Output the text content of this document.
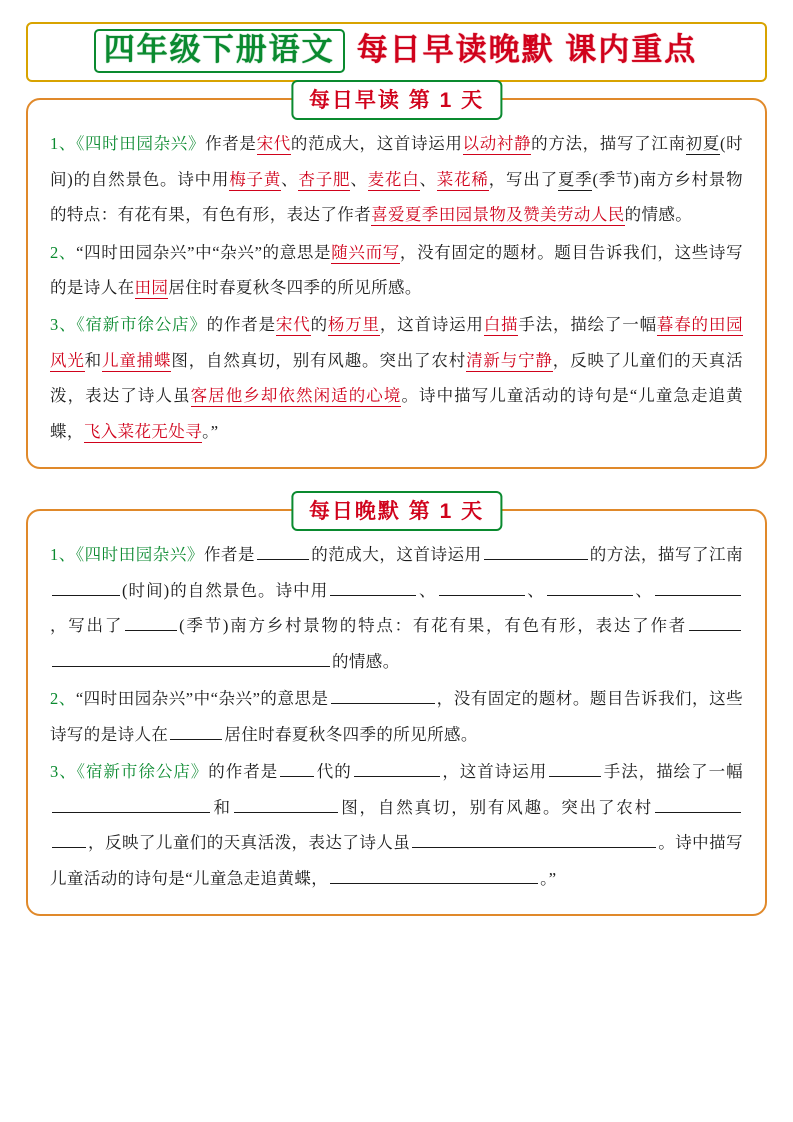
四年级下册语文 每日早读晚默 课内重点
每日早读 第 1 天

1、《四时田园杂兴》作者是宋代的范成大，这首诗运用以动衬静的方法，描写了江南初夏(时间)的自然景色。诗中用梅子黄、杏子肥、麦花白、菜花稀，写出了夏季(季节)南方乡村景物的特点：有花有果，有色有形，表达了作者喜爱夏季田园景物及赞美劳动人民的情感。

2、“四时田园杂兴”中“杂兴”的意思是随兴而写，没有固定的题材。题目告诉我们，这些诗写的是诗人在田园居住时春夏秋冬四季的所见所感。

3、《宿新市徐公店》的作者是宋代的杨万里，这首诗运用白描手法，描绘了一幅暮春的田园风光和儿童捕蝶图，自然真切，别有风趣。突出了农村清新与宁静，反映了儿童们的天真活泼，表达了诗人虽客居他乡却依然闲适的心境。诗中描写儿童活动的诗句是“儿童急走追黄蝶，飞入菜花无处寻。”

每日晚默 第 1 天

1、《四时田园杂兴》作者是	的范成大，这首诗运用	的方法，描写了江南(时间)的自然景色。诗中用	、	、	、，写出了	(季节)南方乡村景物的特点：有花有果，有色有形，表达了作者的情感。

2、“四时田园杂兴”中“杂兴”的意思是	，没有固定的题材。题目告诉我们，这些诗写的是诗人在	居住时春夏秋冬四季的所见所感。

3、《宿新市徐公店》的作者是 代的	，这首诗运用	手法，描绘了一幅和	图，自然真切，别有风趣。突出了农村，反映了儿童们的天真活泼，表达了诗人虽	。诗中描写儿童活动的诗句是“儿童急走追黄蝶，	。”
